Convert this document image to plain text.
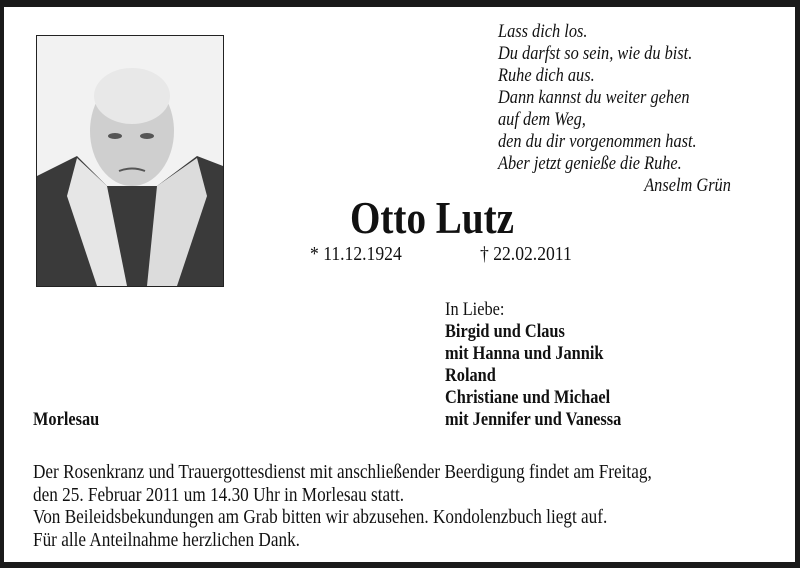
Lass dich los.
Du darfst so sein, wie du bist.
Ruhe dich aus.
Dann kannst du weiter gehen
auf dem Weg,
den du dir vorgenommen hast.
Aber jetzt genieße die Ruhe.
Anselm Grün
Otto Lutz
* 11.12.1924	† 22.02.2011
In Liebe:
Birgid und Claus
mit Hanna und Jannik
Roland
Christiane und Michael
mit Jennifer und Vanessa
Morlesau
Der Rosenkranz und Trauergottesdienst mit anschließender Beerdigung findet am Freitag,
den 25. Februar 2011 um 14.30 Uhr in Morlesau statt.
Von Beileidsbekundungen am Grab bitten wir abzusehen. Kondolenzbuch liegt auf.
Für alle Anteilnahme herzlichen Dank.
